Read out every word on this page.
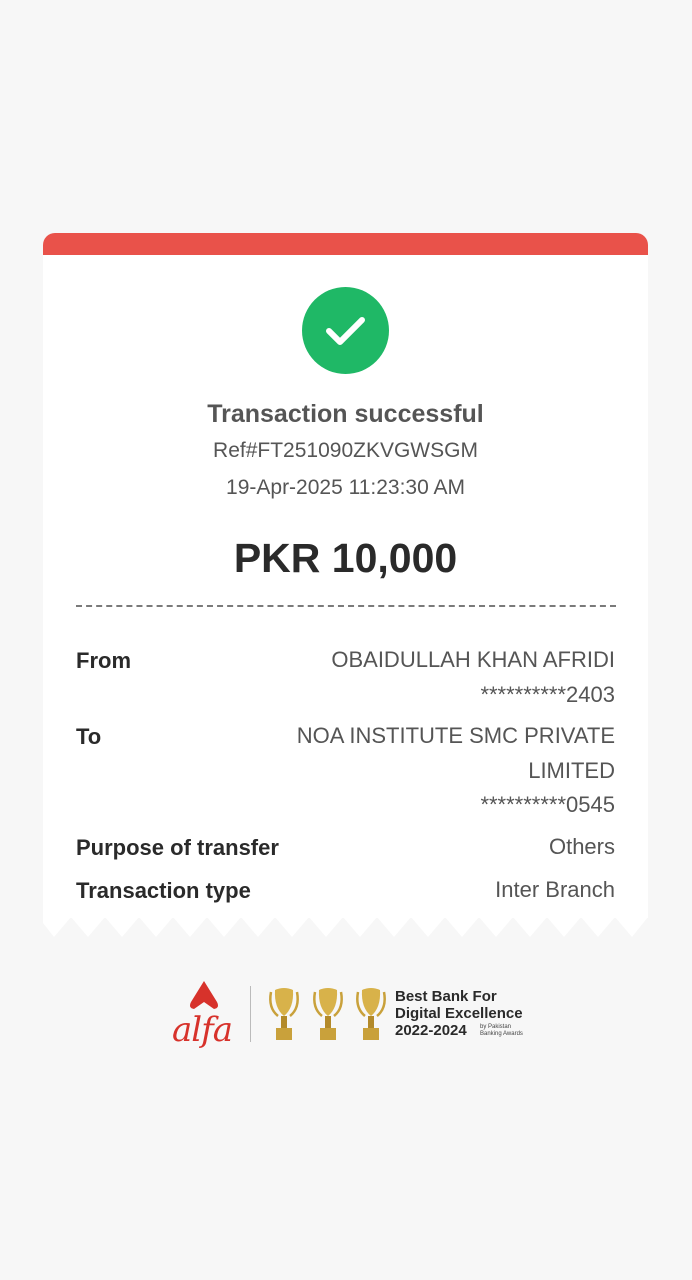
Transaction successful
Ref#FT251090ZKVGWSGM
19-Apr-2025 11:23:30 AM
PKR 10,000
From	OBAIDULLAH KHAN AFRIDI
**********2403
To	NOA INSTITUTE SMC PRIVATE
LIMITED
**********0545
Purpose of transfer	Others
Transaction type	Inter Branch
alfa
Best Bank For
Digital Excellence
2022-2024	by Pakistan
Banking Awards
